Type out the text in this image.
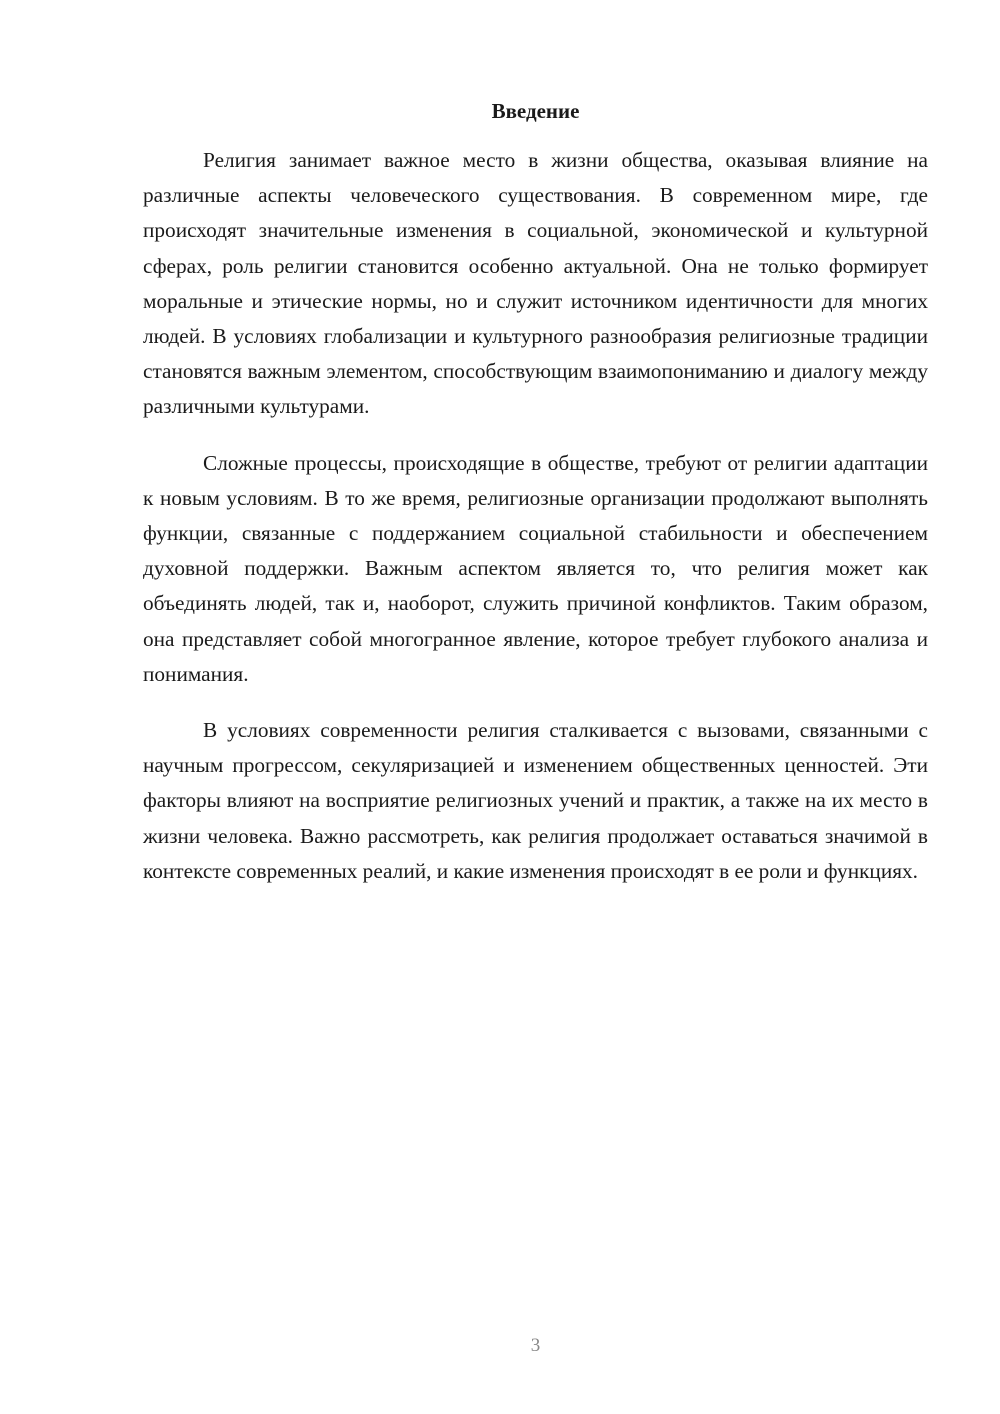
Введение

Религия занимает важное место в жизни общества, оказывая влияние на различные аспекты человеческого существования. В современном мире, где происходят значительные изменения в социальной, экономической и культурной сферах, роль религии становится особенно актуальной. Она не только формирует моральные и этические нормы, но и служит источником идентичности для многих людей. В условиях глобализации и культурного разнообразия религиозные традиции становятся важным элементом, способствующим взаимопониманию и диалогу между различными культурами.

Сложные процессы, происходящие в обществе, требуют от религии адаптации к новым условиям. В то же время, религиозные организации продолжают выполнять функции, связанные с поддержанием социальной стабильности и обеспечением духовной поддержки. Важным аспектом является то, что религия может как объединять людей, так и, наоборот, служить причиной конфликтов. Таким образом, она представляет собой многогранное явление, которое требует глубокого анализа и понимания.

В условиях современности религия сталкивается с вызовами, связанными с научным прогрессом, секуляризацией и изменением общественных ценностей. Эти факторы влияют на восприятие религиозных учений и практик, а также на их место в жизни человека. Важно рассмотреть, как религия продолжает оставаться значимой в контексте современных реалий, и какие изменения происходят в ее роли и функциях.

3
